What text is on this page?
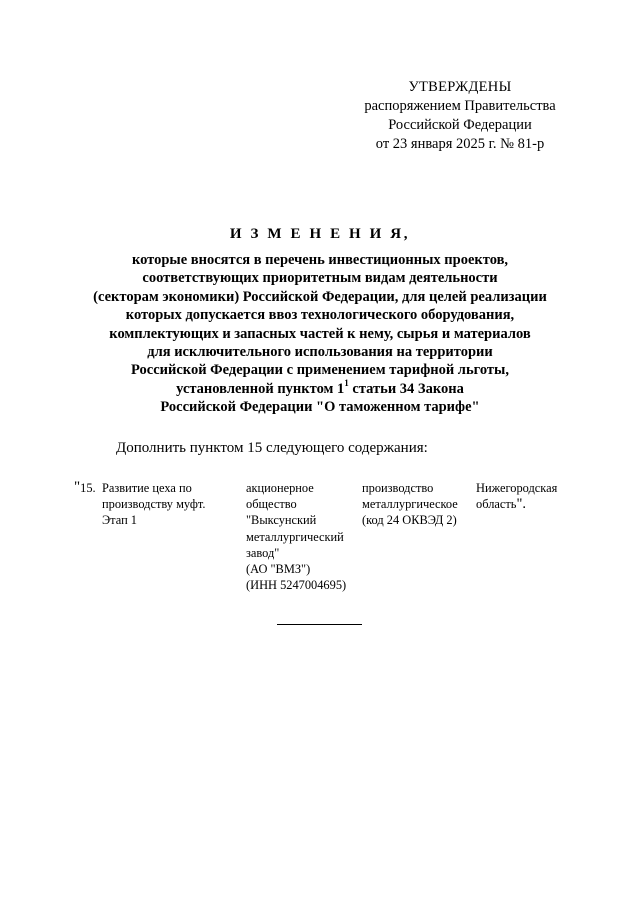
УТВЕРЖДЕНЫ
распоряжением Правительства
Российской Федерации
от 23 января 2025 г. № 81-р
И З М Е Н Е Н И Я,
которые вносятся в перечень инвестиционных проектов,
соответствующих приоритетным видам деятельности
(секторам экономики) Российской Федерации, для целей реализации
которых допускается ввоз технологического оборудования,
комплектующих и запасных частей к нему, сырья и материалов
для исключительного использования на территории
Российской Федерации с применением тарифной льготы,
установленной пунктом $1^1$ статьи 34 Закона
Российской Федерации "О таможенном тарифе"
Дополнить пунктом 15 следующего содержания:
"15. Развитие цеха по
производству муфт.
Этап 1
акционерное
общество
"Выксунский
металлургический
завод"
(АО "ВМЗ")
(ИНН 5247004695)
производство
металлургическое
(код 24 ОКВЭД 2)
Нижегородская
область".
